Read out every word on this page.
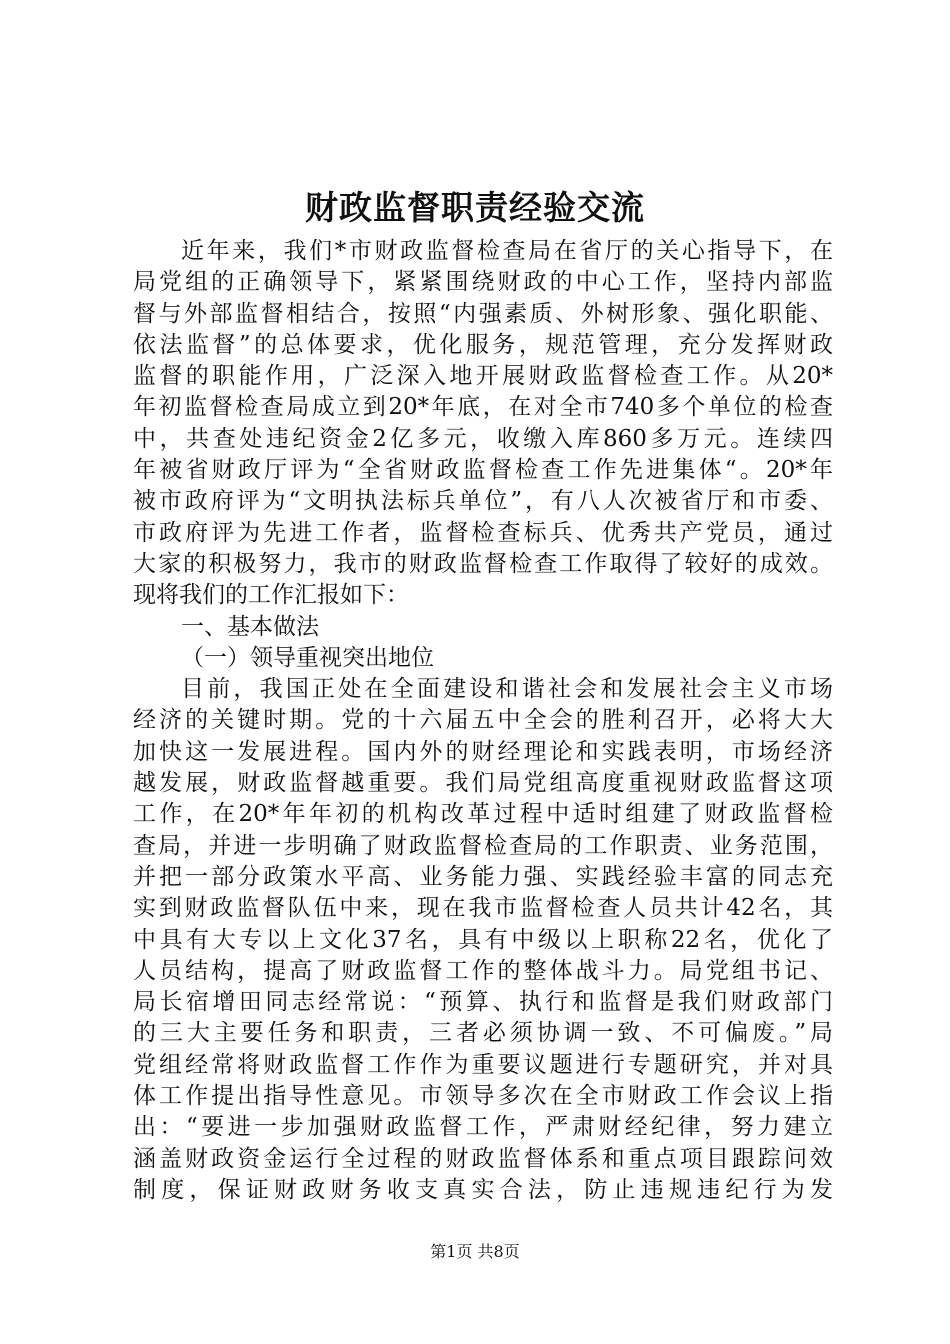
财政监督职责经验交流
近年来，我们*市财政监督检查局在省厅的关心指导下，在
局党组的正确领导下，紧紧围绕财政的中心工作，坚持内部监
督与外部监督相结合，按照“内强素质、外树形象、强化职能、
依法监督”的总体要求，优化服务，规范管理，充分发挥财政
监督的职能作用，广泛深入地开展财政监督检查工作。从20*
年初监督检查局成立到20*年底，在对全市740多个单位的检查
中，共查处违纪资金2亿多元，收缴入库860多万元。连续四
年被省财政厅评为“全省财政监督检查工作先进集体“。20*年
被市政府评为“文明执法标兵单位”，有八人次被省厅和市委、
市政府评为先进工作者，监督检查标兵、优秀共产党员，通过
大家的积极努力，我市的财政监督检查工作取得了较好的成效。
现将我们的工作汇报如下：
一、基本做法
（一）领导重视突出地位
目前，我国正处在全面建设和谐社会和发展社会主义市场
经济的关键时期。党的十六届五中全会的胜利召开，必将大大
加快这一发展进程。国内外的财经理论和实践表明，市场经济
越发展，财政监督越重要。我们局党组高度重视财政监督这项
工作，在20*年年初的机构改革过程中适时组建了财政监督检
查局，并进一步明确了财政监督检查局的工作职责、业务范围，
并把一部分政策水平高、业务能力强、实践经验丰富的同志充
实到财政监督队伍中来，现在我市监督检查人员共计42名，其
中具有大专以上文化37名，具有中级以上职称22名，优化了
人员结构，提高了财政监督工作的整体战斗力。局党组书记、
局长宿增田同志经常说：“预算、执行和监督是我们财政部门
的三大主要任务和职责，三者必须协调一致、不可偏废。”局
党组经常将财政监督工作作为重要议题进行专题研究，并对具
体工作提出指导性意见。市领导多次在全市财政工作会议上指
出：“要进一步加强财政监督工作，严肃财经纪律，努力建立
涵盖财政资金运行全过程的财政监督体系和重点项目跟踪问效
制度，保证财政财务收支真实合法，防止违规违纪行为发
第1页 共8页
